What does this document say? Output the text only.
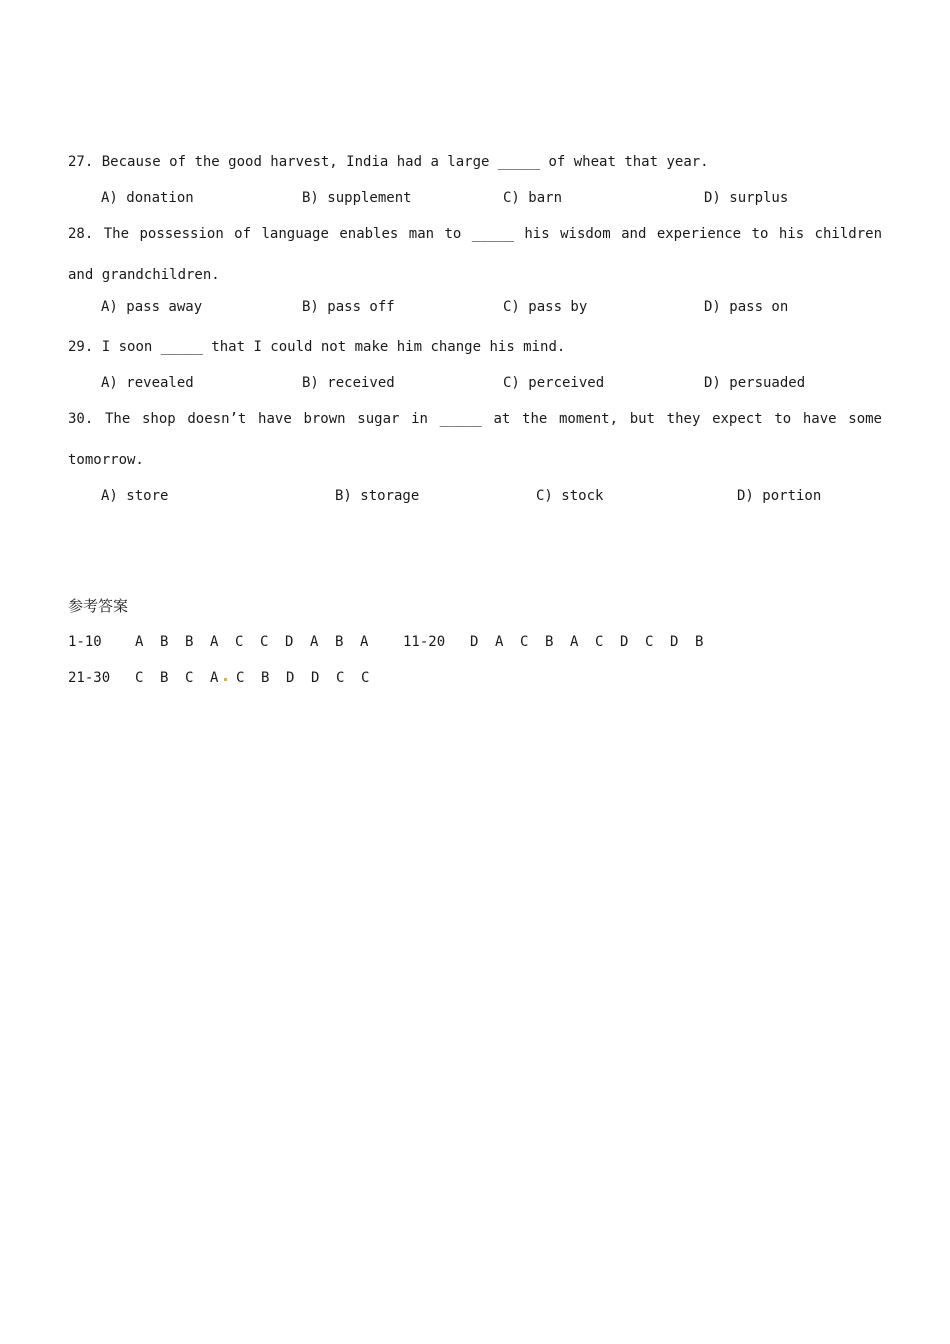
27. Because of the good harvest, India had a large _____ of wheat that year.
A) donation	B) supplement	C) barn	D) surplus
28. The possession of language enables man to _____ his wisdom and experience to his children and grandchildren.
A) pass away	B) pass off	C) pass by	D) pass on
29. I soon _____ that I could not make him change his mind.
A) revealed	B) received	C) perceived	D) persuaded
30. The shop doesn’t have brown sugar in _____ at the moment, but they expect to have some tomorrow.
A) store	B) storage	C) stock	D) portion
参考答案
1-10 A B B A C C D A B A 11-20 D A C B A C D C D B
21-30 C B C A C B D D C C
